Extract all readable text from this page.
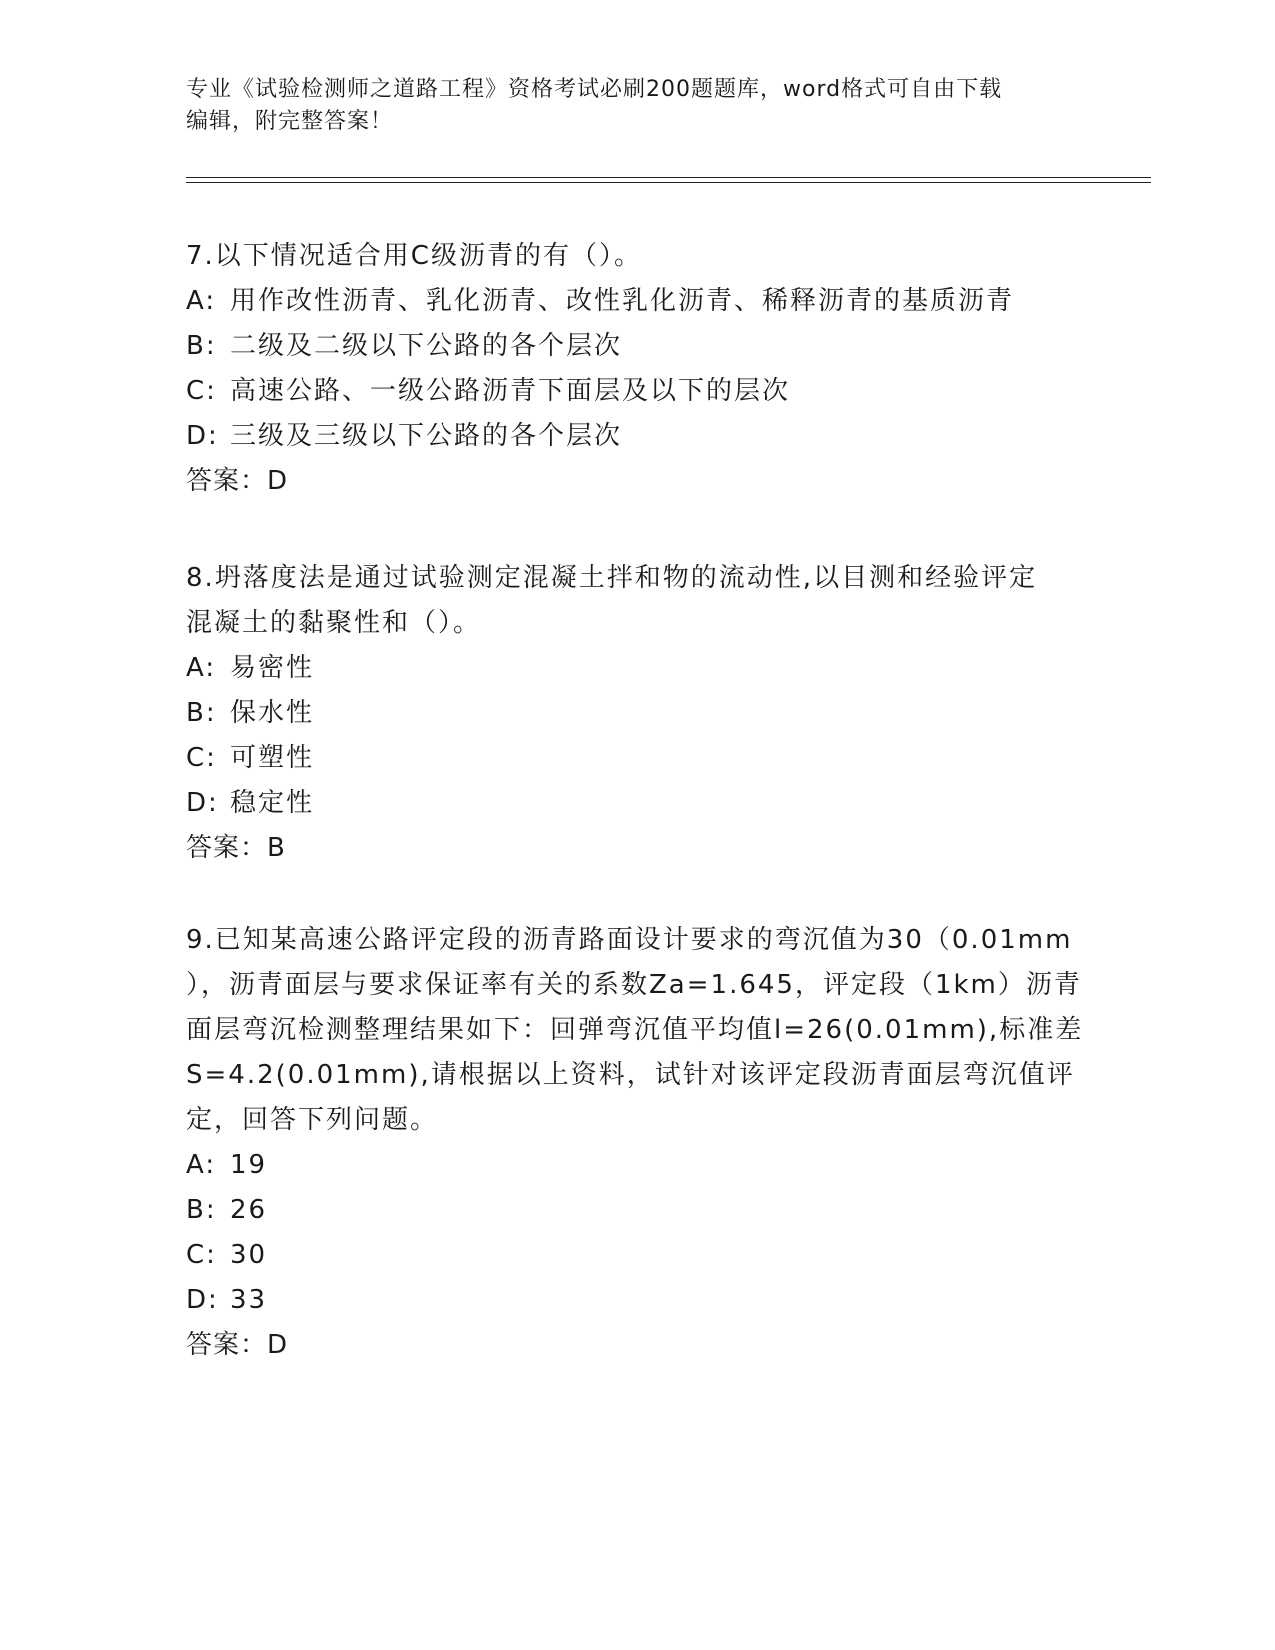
专业《试验检测师之道路工程》资格考试必刷200题题库，word格式可自由下载
编辑，附完整答案！
7.以下情况适合用C级沥青的有（）。
A: 用作改性沥青、乳化沥青、改性乳化沥青、稀释沥青的基质沥青
B: 二级及二级以下公路的各个层次
C: 高速公路、一级公路沥青下面层及以下的层次
D: 三级及三级以下公路的各个层次
答案：D
8.坍落度法是通过试验测定混凝土拌和物的流动性,以目测和经验评定
混凝土的黏聚性和（）。
A: 易密性
B: 保水性
C: 可塑性
D: 稳定性
答案：B
9.已知某高速公路评定段的沥青路面设计要求的弯沉值为30（0.01mm
），沥青面层与要求保证率有关的系数Za=1.645，评定段（1km）沥青
面层弯沉检测整理结果如下：回弹弯沉值平均值l=26(0.01mm),标准差
S=4.2(0.01mm),请根据以上资料，试针对该评定段沥青面层弯沉值评
定，回答下列问题。
A: 19
B: 26
C: 30
D: 33
答案：D
